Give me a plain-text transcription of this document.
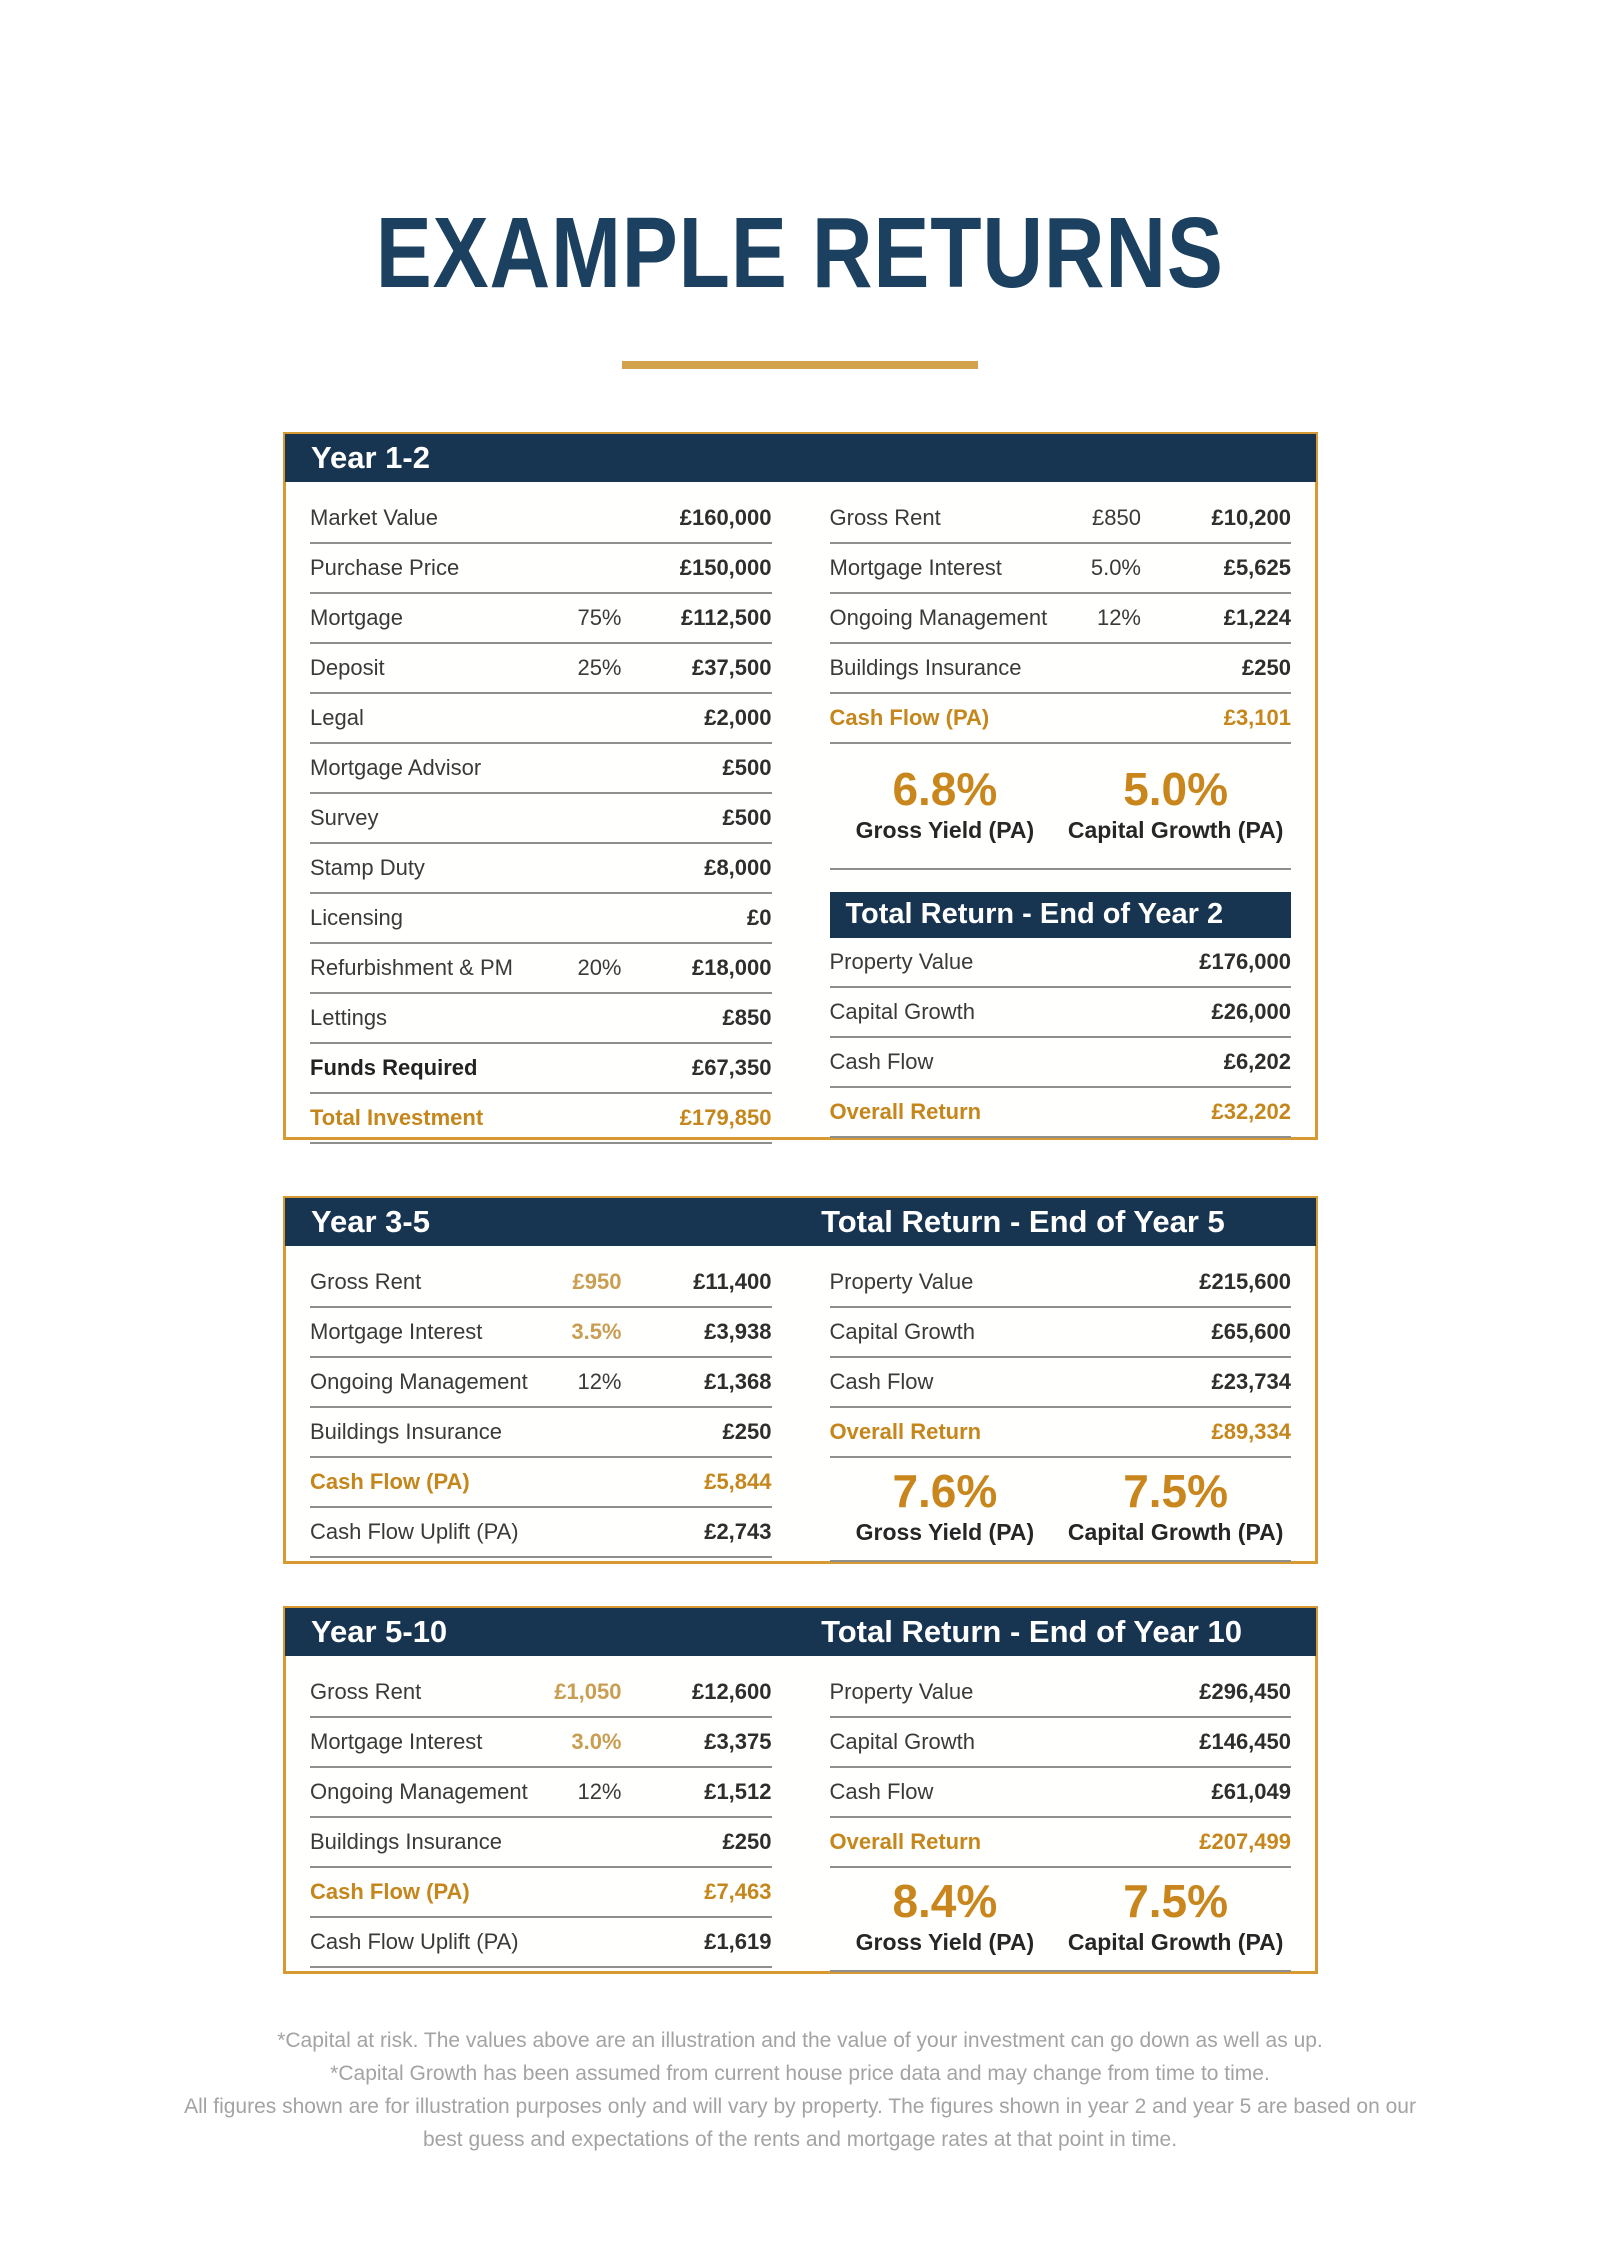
EXAMPLE RETURNS
Year 1-2
Market Value	£160,000
Purchase Price	£150,000
Mortgage	75%	£112,500
Deposit	25%	£37,500
Legal	£2,000
Mortgage Advisor	£500
Survey	£500
Stamp Duty	£8,000
Licensing	£0
Refurbishment & PM	20%	£18,000
Lettings	£850
Funds Required	£67,350
Total Investment	£179,850
Gross Rent	£850	£10,200
Mortgage Interest	5.0%	£5,625
Ongoing Management	12%	£1,224
Buildings Insurance	£250
Cash Flow (PA)	£3,101
6.8%
Gross Yield (PA)
5.0%
Capital Growth (PA)
Total Return - End of Year 2
Property Value	£176,000
Capital Growth	£26,000
Cash Flow	£6,202
Overall Return	£32,202
Year 3-5	Total Return - End of Year 5
Gross Rent	£950	£11,400
Mortgage Interest	3.5%	£3,938
Ongoing Management	12%	£1,368
Buildings Insurance	£250
Cash Flow (PA)	£5,844
Cash Flow Uplift (PA)	£2,743
Property Value	£215,600
Capital Growth	£65,600
Cash Flow	£23,734
Overall Return	£89,334
7.6%
Gross Yield (PA)
7.5%
Capital Growth (PA)
Year 5-10	Total Return - End of Year 10
Gross Rent	£1,050	£12,600
Mortgage Interest	3.0%	£3,375
Ongoing Management	12%	£1,512
Buildings Insurance	£250
Cash Flow (PA)	£7,463
Cash Flow Uplift (PA)	£1,619
Property Value	£296,450
Capital Growth	£146,450
Cash Flow	£61,049
Overall Return	£207,499
8.4%
Gross Yield (PA)
7.5%
Capital Growth (PA)
*Capital at risk. The values above are an illustration and the value of your investment can go down as well as up.
*Capital Growth has been assumed from current house price data and may change from time to time.
All figures shown are for illustration purposes only and will vary by property. The figures shown in year 2 and year 5 are based on our
best guess and expectations of the rents and mortgage rates at that point in time.
